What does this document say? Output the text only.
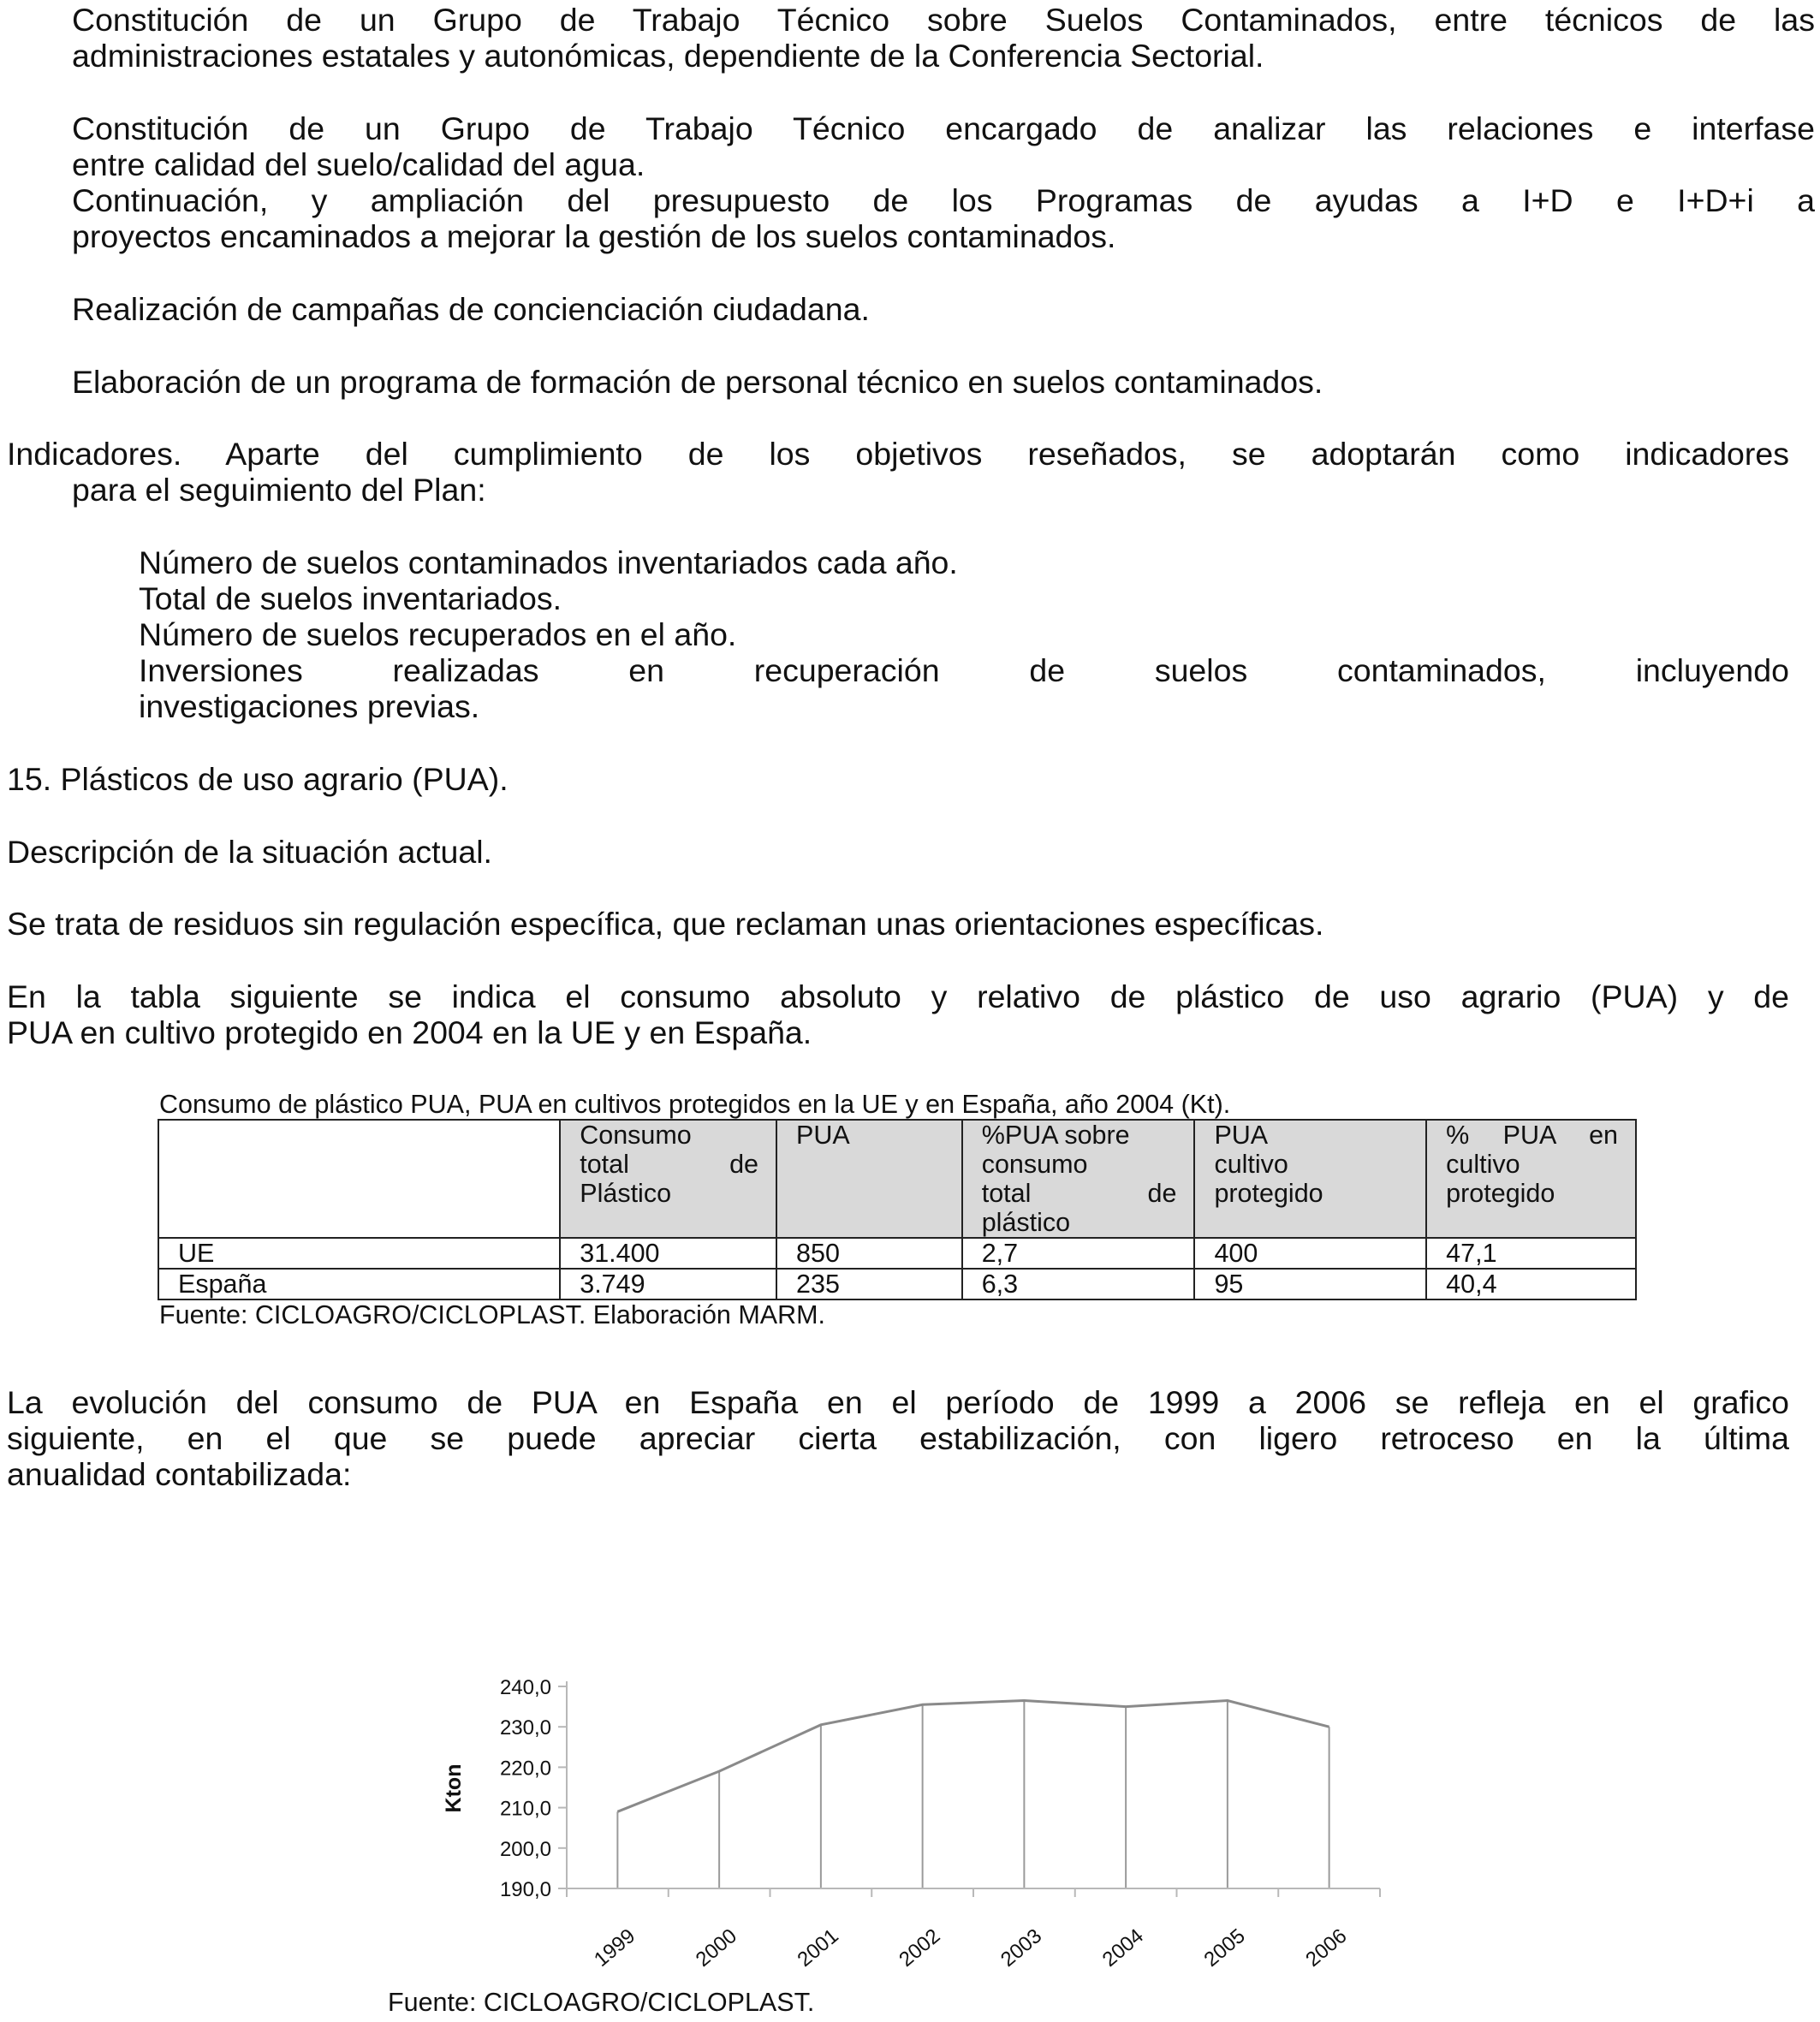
Constitución de un Grupo de Trabajo Técnico sobre Suelos Contaminados, entre técnicos de las
administraciones estatales y autonómicas, dependiente de la Conferencia Sectorial.
Constitución de un Grupo de Trabajo Técnico encargado de analizar las relaciones e interfase
entre calidad del suelo/calidad del agua.
Continuación, y ampliación del presupuesto de los Programas de ayudas a I+D e I+D+i a
proyectos encaminados a mejorar la gestión de los suelos contaminados.
Realización de campañas de concienciación ciudadana.
Elaboración de un programa de formación de personal técnico en suelos contaminados.
Indicadores. Aparte del cumplimiento de los objetivos reseñados, se adoptarán como indicadores
para el seguimiento del Plan:
Número de suelos contaminados inventariados cada año.
Total de suelos inventariados.
Número de suelos recuperados en el año.
Inversiones realizadas en recuperación de suelos contaminados, incluyendo
investigaciones previas.
15. Plásticos de uso agrario (PUA).
Descripción de la situación actual.
Se trata de residuos sin regulación específica, que reclaman unas orientaciones específicas.
En la tabla siguiente se indica el consumo absoluto y relativo de plástico de uso agrario (PUA) y de
PUA en cultivo protegido en 2004 en la UE y en España.
Consumo de plástico PUA, PUA en cultivos protegidos en la UE y en España, año 2004 (Kt).

	Consumo
total de
Plástico	PUA	%PUA sobre
consumo
total de
plástico	PUA
cultivo
protegido	% PUA en
cultivo
protegido

UE	31.400	850	2,7	400	47,1
España	3.749	235	6,3	95	40,4
Fuente: CICLOAGRO/CICLOPLAST. Elaboración MARM.
La evolución del consumo de PUA en España en el período de 1999 a 2006 se refleja en el grafico
siguiente, en el que se puede apreciar cierta estabilización, con ligero retroceso en la última
anualidad contabilizada:
190,0
200,0
210,0
220,0
230,0
240,0
1999	2000	2001	2002	2003	2004	2005	2006
Kton
Fuente: CICLOAGRO/CICLOPLAST.
